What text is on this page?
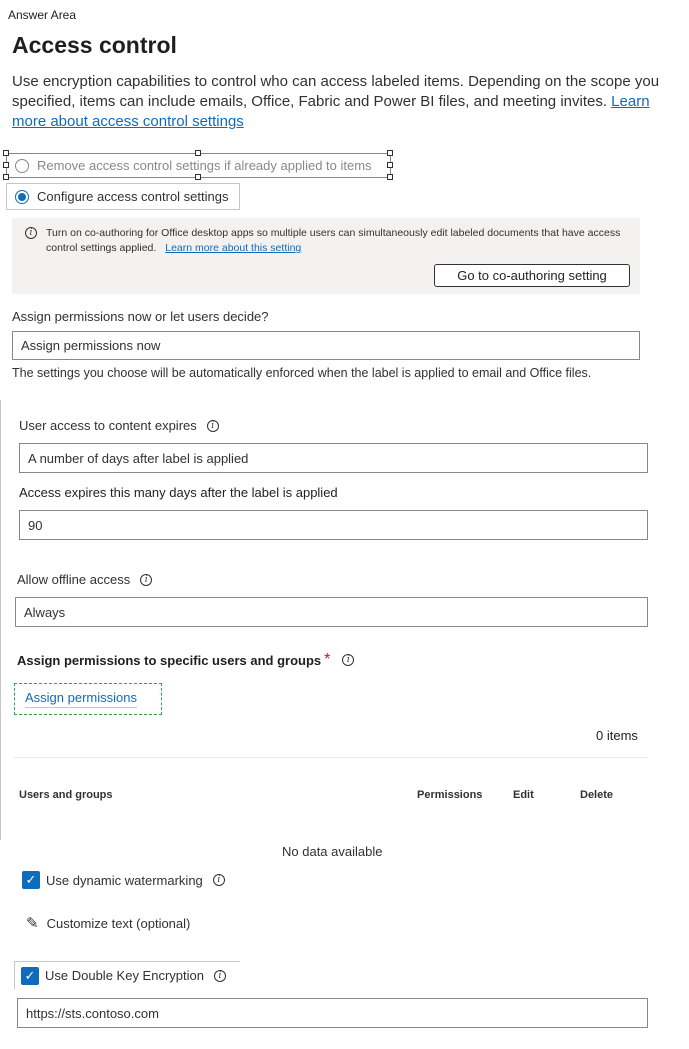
Answer Area
Access control
Use encryption capabilities to control who can access labeled items. Depending on the scope you specified, items can include emails, Office, Fabric and Power BI files, and meeting invites. Learn more about access control settings
Remove access control settings if already applied to items
Configure access control settings
i	Turn on co-authoring for Office desktop apps so multiple users can simultaneously edit labeled documents that have access control settings applied. Learn more about this setting
Go to co-authoring setting
Assign permissions now or let users decide?
Assign permissions now
The settings you choose will be automatically enforced when the label is applied to email and Office files.
User access to content expires	i
A number of days after label is applied
Access expires this many days after the label is applied
90
Allow offline access	i
Always
Assign permissions to specific users and groups *	i
Assign permissions
0 items
Users and groups	Permissions	Edit	Delete
No data available
✓ Use dynamic watermarking	i
✎ Customize text (optional)
✓ Use Double Key Encryption	i
https://sts.contoso.com
